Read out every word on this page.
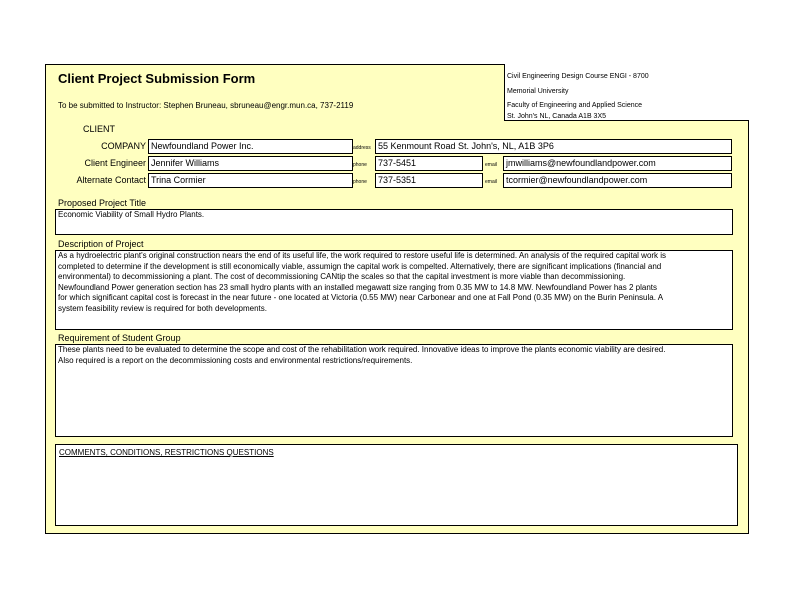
Client Project Submission Form
To be submitted to Instructor: Stephen Bruneau, sbruneau@engr.mun.ca, 737-2119
Civil Engineering Design Course ENGI - 8700
Memorial University
Faculty of Engineering and Applied Science
St. John's NL, Canada A1B 3X5
CLIENT
COMPANY Newfoundland Power Inc.	address 55 Kenmount Road St. John's, NL, A1B 3P6
Client Engineer Jennifer Williams	phone	737-5451	email	jmwilliams@newfoundlandpower.com
Alternate Contact Trina Cormier	phone	737-5351	email	tcormier@newfoundlandpower.com
Proposed Project Title
Economic Viability of Small Hydro Plants.
Description of Project
As a hydroelectric plant's original construction nears the end of its useful life, the work required to restore useful life is determined. An analysis of the required capital work is
completed to determine if the development is still economically viable, assumign the capital work is compelted. Alternatively, there are significant implications (financial and
environmental) to decommissioning a plant. The cost of decommissioning CANtip the scales so that the capital investment is more viable than decommissioning.
Newfoundland Power generation section has 23 small hydro plants with an installed megawatt size ranging from 0.35 MW to 14.8 MW. Newfoundland Power has 2 plants
for which significant capital cost is forecast in the near future - one located at Victoria (0.55 MW) near Carbonear and one at Fall Pond (0.35 MW) on the Burin Peninsula. A
system feasibility review is required for both developments.
Requirement of Student Group
These plants need to be evaluated to determine the scope and cost of the rehabilitation work required. Innovative ideas to improve the plants economic viability are desired.
Also required is a report on the decommissioning costs and environmental restrictions/requirements.
COMMENTS, CONDITIONS, RESTRICTIONS QUESTIONS
